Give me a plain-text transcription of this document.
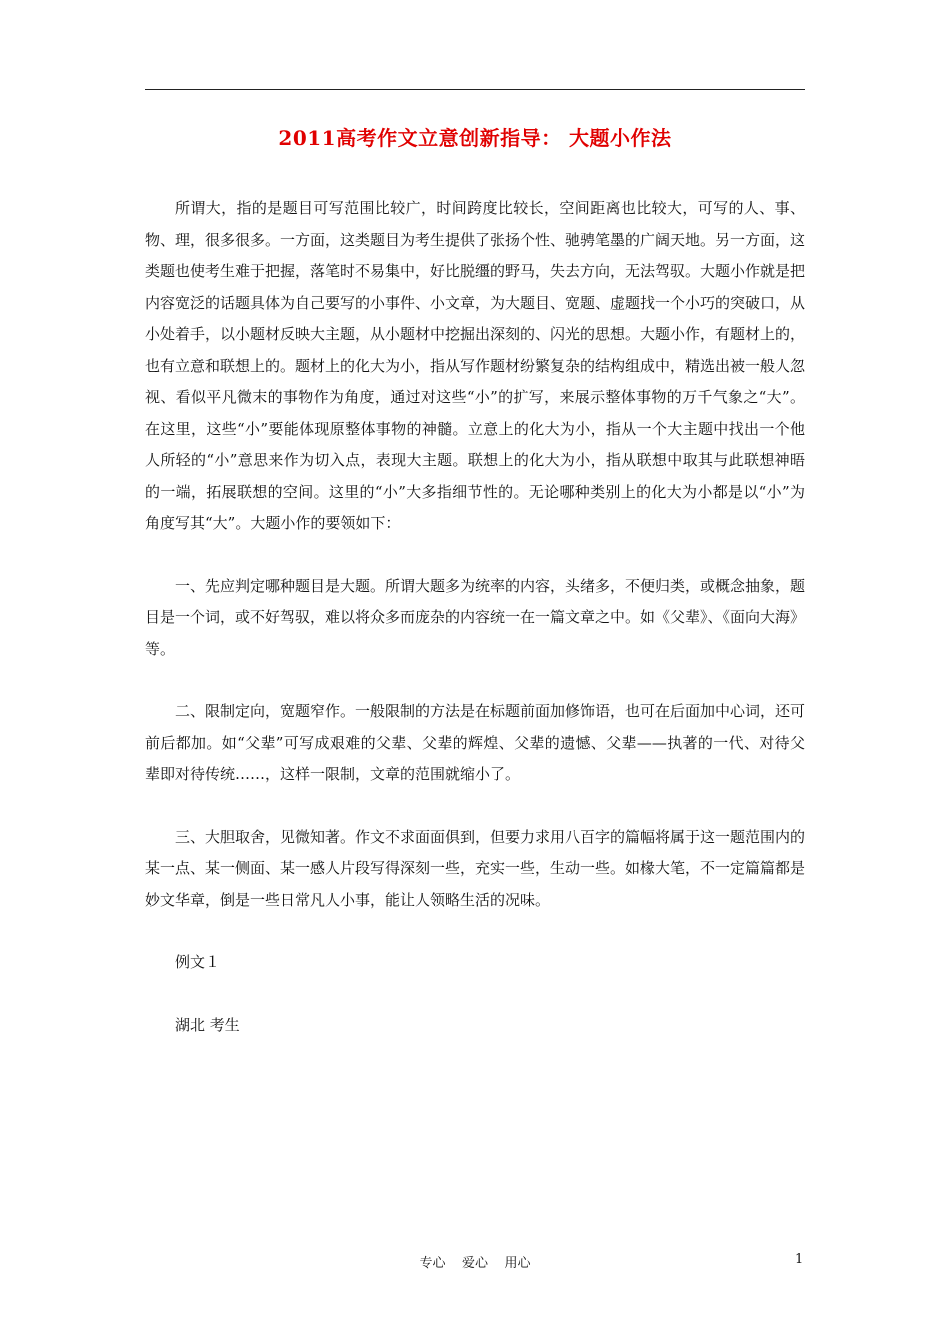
2011高考作文立意创新指导： 大题小作法

所谓大，指的是题目可写范围比较广，时间跨度比较长，空间距离也比较大，可写的人、事、物、理，很多很多。一方面，这类题目为考生提供了张扬个性、驰骋笔墨的广阔天地。另一方面，这类题也使考生难于把握，落笔时不易集中，好比脱缰的野马，失去方向，无法驾驭。大题小作就是把内容宽泛的话题具体为自己要写的小事件、小文章，为大题目、宽题、虚题找一个小巧的突破口，从小处着手，以小题材反映大主题，从小题材中挖掘出深刻的、闪光的思想。大题小作，有题材上的，也有立意和联想上的。题材上的化大为小，指从写作题材纷繁复杂的结构组成中，精选出被一般人忽视、看似平凡微末的事物作为角度，通过对这些“小”的扩写，来展示整体事物的万千气象之“大”。在这里，这些“小”要能体现原整体事物的神髓。立意上的化大为小，指从一个大主题中找出一个他人所轻的“小”意思来作为切入点，表现大主题。联想上的化大为小，指从联想中取其与此联想神晤的一端，拓展联想的空间。这里的“小”大多指细节性的。无论哪种类别上的化大为小都是以“小”为角度写其“大”。大题小作的要领如下：

一、先应判定哪种题目是大题。所谓大题多为统率的内容，头绪多，不便归类，或概念抽象，题目是一个词，或不好驾驭，难以将众多而庞杂的内容统一在一篇文章之中。如《父辈》、《面向大海》等。

二、限制定向，宽题窄作。一般限制的方法是在标题前面加修饰语，也可在后面加中心词，还可前后都加。如“父辈”可写成艰难的父辈、父辈的辉煌、父辈的遗憾、父辈——执著的一代、对待父辈即对待传统……，这样一限制，文章的范围就缩小了。

三、大胆取舍，见微知著。作文不求面面俱到，但要力求用八百字的篇幅将属于这一题范围内的某一点、某一侧面、某一感人片段写得深刻一些，充实一些，生动一些。如椽大笔，不一定篇篇都是妙文华章，倒是一些日常凡人小事，能让人领略生活的况味。

例文１

湖北 考生

专心    爱心    用心	1
